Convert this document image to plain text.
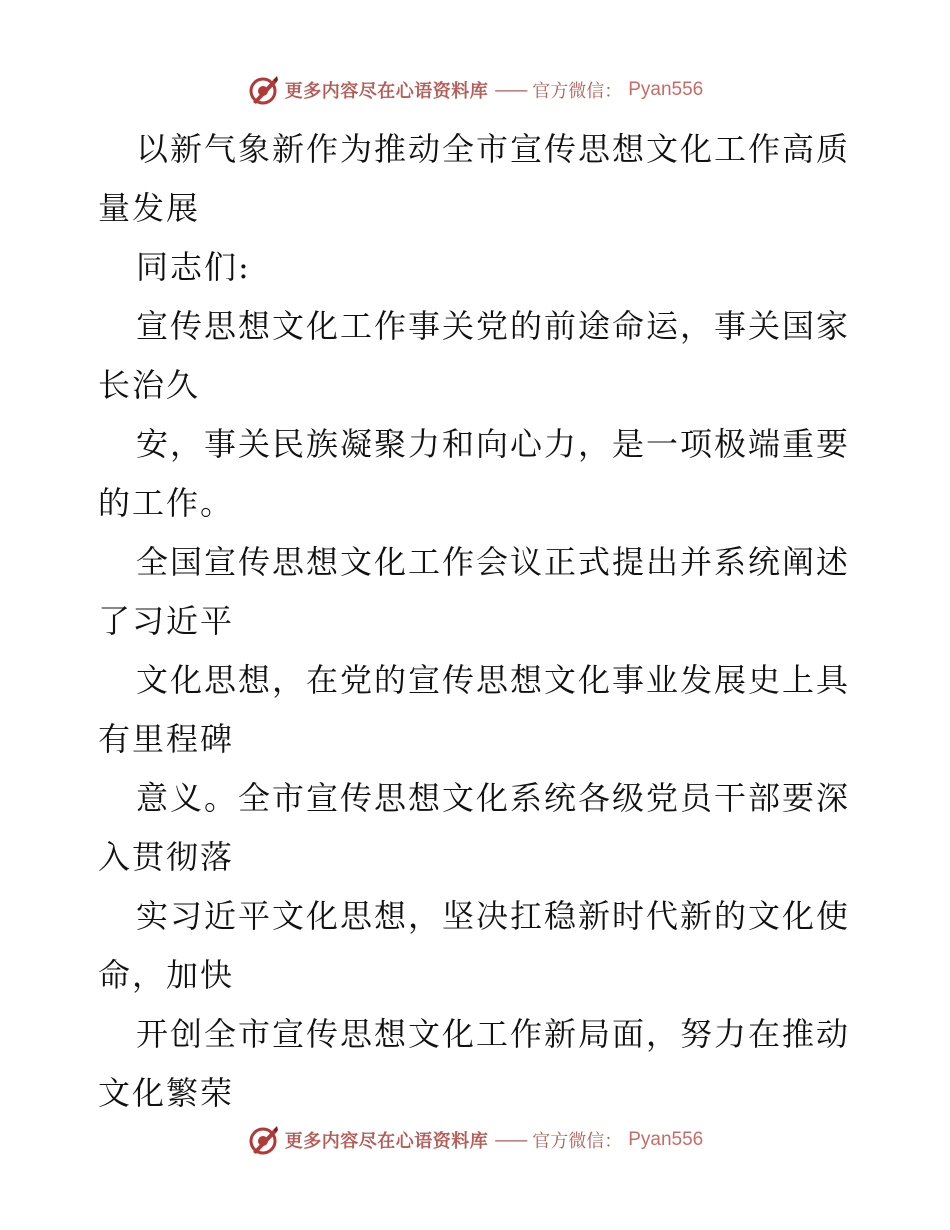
更多内容尽在心语资料库 —— 官方微信： Pyan556
以新气象新作为推动全市宣传思想文化工作高质
量发展
同志们:
宣传思想文化工作事关党的前途命运，事关国家
长治久
安，事关民族凝聚力和向心力，是一项极端重要
的工作。
全国宣传思想文化工作会议正式提出并系统阐述
了习近平
文化思想，在党的宣传思想文化事业发展史上具
有里程碑
意义。全市宣传思想文化系统各级党员干部要深
入贯彻落
实习近平文化思想，坚决扛稳新时代新的文化使
命，加快
开创全市宣传思想文化工作新局面，努力在推动
文化繁荣
更多内容尽在心语资料库 —— 官方微信： Pyan556
